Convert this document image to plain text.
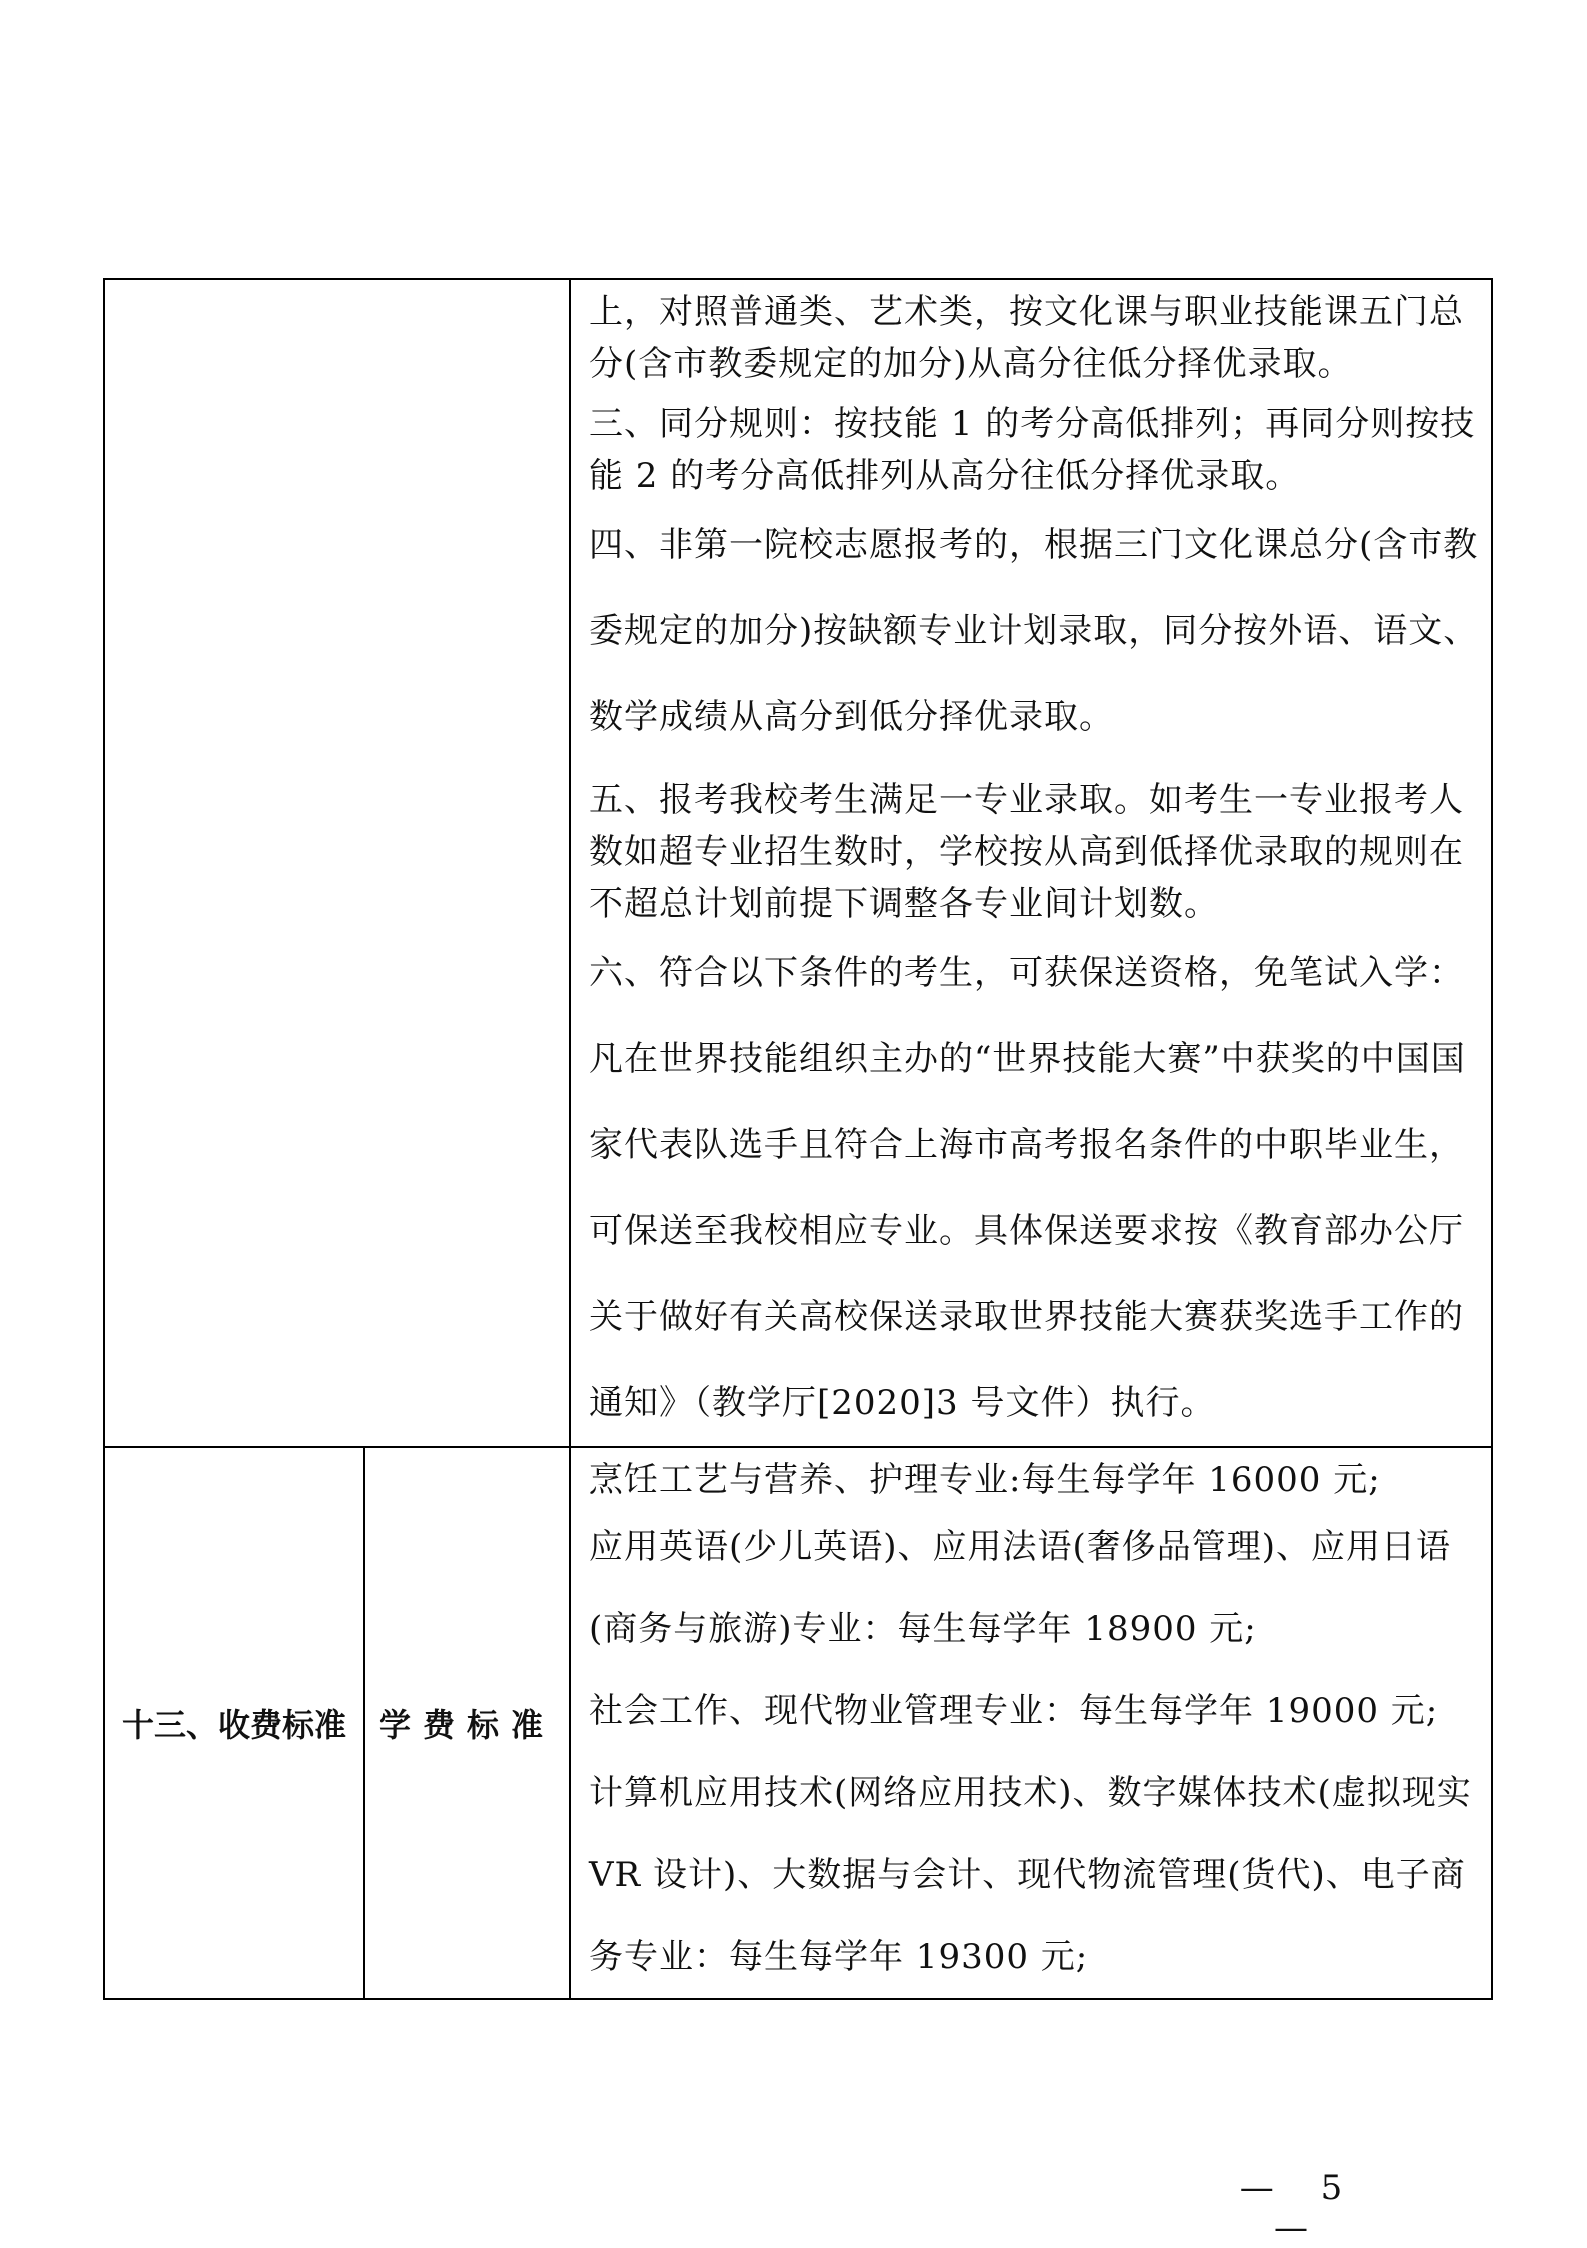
		上，对照普通类、艺术类，按文化课与职业技能课五门总分(含市教委规定的加分)从高分往低分择优录取。

三、同分规则：按技能 1 的考分高低排列；再同分则按技能 2 的考分高低排列从高分往低分择优录取。

四、非第一院校志愿报考的，根据三门文化课总分(含市教委规定的加分)按缺额专业计划录取，同分按外语、语文、数学成绩从高分到低分择优录取。

五、报考我校考生满足一专业录取。如考生一专业报考人数如超专业招生数时，学校按从高到低择优录取的规则在不超总计划前提下调整各专业间计划数。

六、符合以下条件的考生，可获保送资格，免笔试入学：凡在世界技能组织主办的“世界技能大赛”中获奖的中国国家代表队选手且符合上海市高考报名条件的中职毕业生，可保送至我校相应专业。具体保送要求按《教育部办公厅关于做好有关高校保送录取世界技能大赛获奖选手工作的通知》（教学厅[2020]3 号文件）执行。

十三、收费标准	学费标准	烹饪工艺与营养、护理专业:每生每学年 16000 元;

应用英语(少儿英语)、应用法语(奢侈品管理)、应用日语(商务与旅游)专业：每生每学年 18900 元;

社会工作、现代物业管理专业：每生每学年 19000 元;

计算机应用技术(网络应用技术)、数字媒体技术(虚拟现实 VR 设计)、大数据与会计、现代物流管理(货代)、电子商务专业：每生每学年 19300 元;

— 5 —
